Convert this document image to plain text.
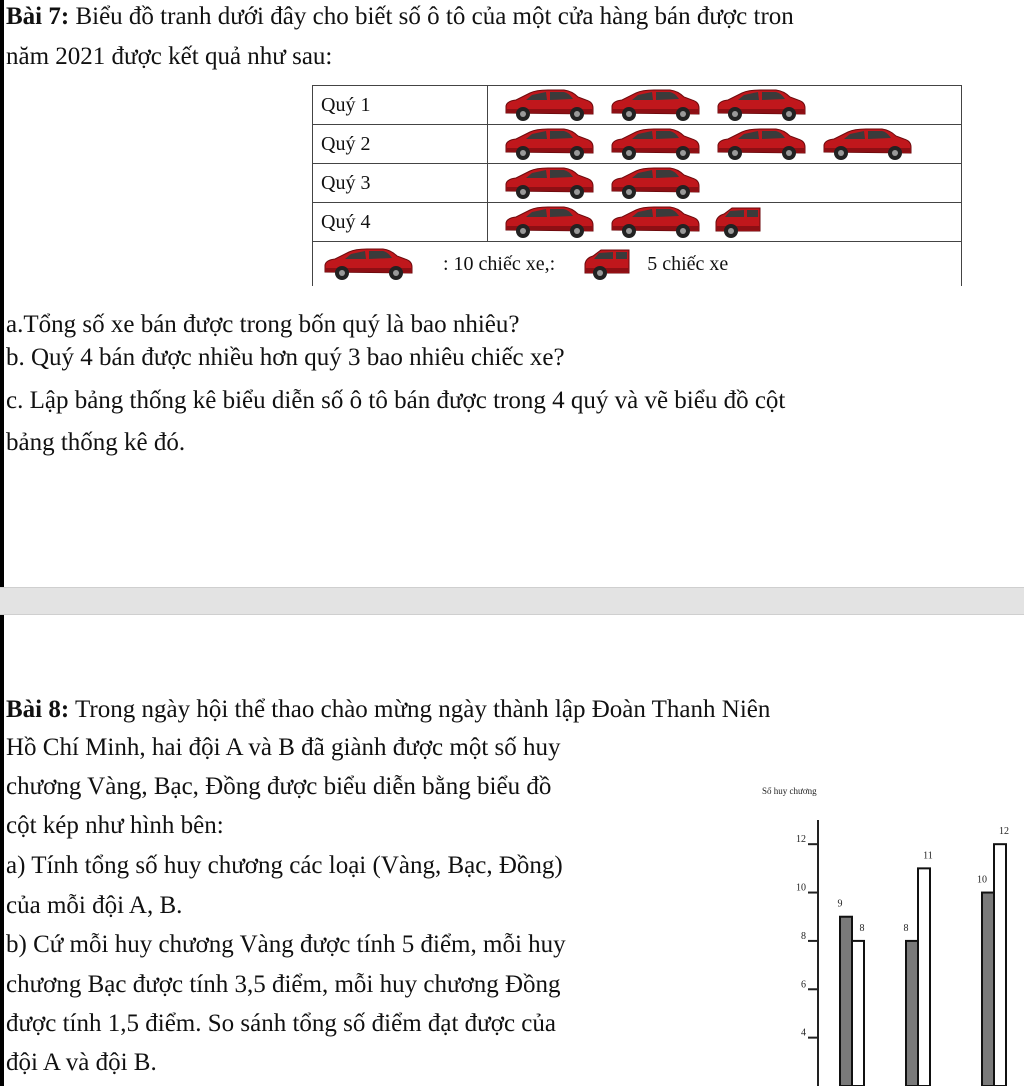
Bài 7: Biểu đồ tranh dưới đây cho biết số ô tô của một cửa hàng bán được tron
năm 2021 được kết quả như sau:
Quý 1	

Quý 2	

Quý 3	

Quý 4	

: 10 chiếc xe,: 5 chiếc xe	
a.Tổng số xe bán được trong bốn quý là bao nhiêu?
b. Quý 4 bán được nhiều hơn quý 3 bao nhiêu chiếc xe?
c. Lập bảng thống kê biểu diễn số ô tô bán được trong 4 quý và vẽ biểu đồ cột
bảng thống kê đó.
Bài 8: Trong ngày hội thể thao chào mừng ngày thành lập Đoàn Thanh Niên
Hồ Chí Minh, hai đội A và B đã giành được một số huy
chương Vàng, Bạc, Đồng được biểu diễn bằng biểu đồ
cột kép như hình bên:
a) Tính tổng số huy chương các loại (Vàng, Bạc, Đồng)
của mỗi đội A, B.
b) Cứ mỗi huy chương Vàng được tính 5 điểm, mỗi huy
chương Bạc được tính 3,5 điểm, mỗi huy chương Đồng
được tính 1,5 điểm. So sánh tổng số điểm đạt được của
đội A và đội B.
Số huy chương
4
6
8
10
12
9
8	8
11
10
12
